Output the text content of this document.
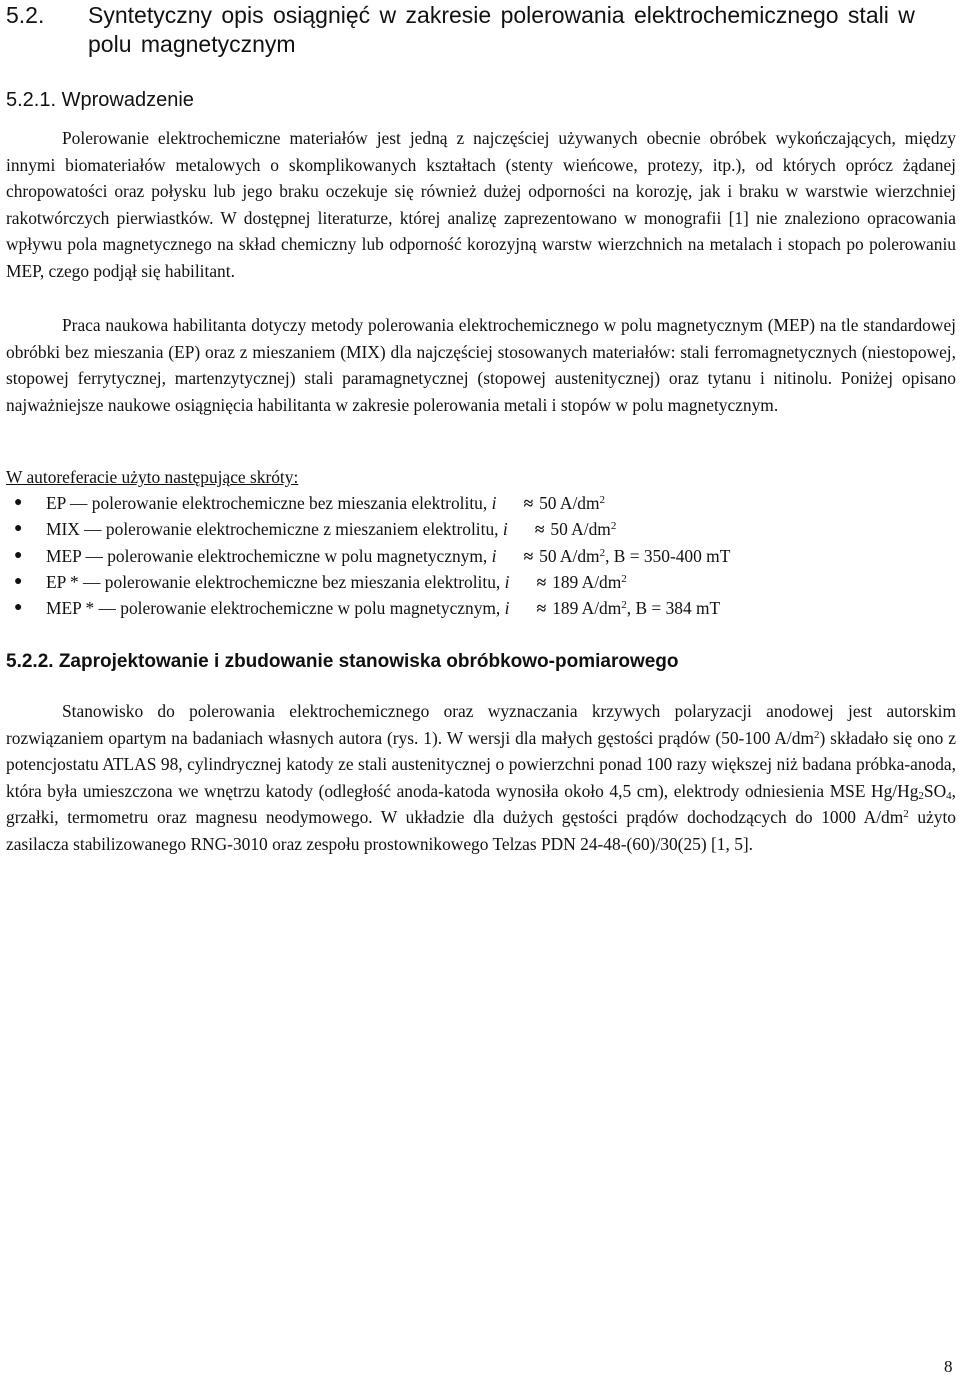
5.2. Syntetyczny opis osiągnięć w zakresie polerowania elektrochemicznego stali w polu magnetycznym
5.2.1. Wprowadzenie

Polerowanie elektrochemiczne materiałów jest jedną z najczęściej używanych obecnie obróbek wykończających, między innymi biomateriałów metalowych o skomplikowanych kształtach (stenty wieńcowe, protezy, itp.), od których oprócz żądanej chropowatości oraz połysku lub jego braku oczekuje się również dużej odporności na korozję, jak i braku w warstwie wierzchniej rakotwórczych pierwiastków. W dostępnej literaturze, której analizę zaprezentowano w monografii [1] nie znaleziono opracowania wpływu pola magnetycznego na skład chemiczny lub odporność korozyjną warstw wierzchnich na metalach i stopach po polerowaniu MEP, czego podjął się habilitant.

Praca naukowa habilitanta dotyczy metody polerowania elektrochemicznego w polu magnetycznym (MEP) na tle standardowej obróbki bez mieszania (EP) oraz z mieszaniem (MIX) dla najczęściej stosowanych materiałów: stali ferromagnetycznych (niestopowej, stopowej ferrytycznej, martenzytycznej) stali paramagnetycznej (stopowej austenitycznej) oraz tytanu i nitinolu. Poniżej opisano najważniejsze naukowe osiągnięcia habilitanta w zakresie polerowania metali i stopów w polu magnetycznym.

W autoreferacie użyto następujące skróty:
● EP — polerowanie elektrochemiczne bez mieszania elektrolitu, i ≈ 50 $A/dm^2$
● MIX — polerowanie elektrochemiczne z mieszaniem elektrolitu, i ≈ 50 $A/dm^2$
● MEP — polerowanie elektrochemiczne w polu magnetycznym, i ≈ 50 $A/dm^2$, B = 350-400 mT
● EP * — polerowanie elektrochemiczne bez mieszania elektrolitu, i ≈ 189 $A/dm^2$
● MEP * — polerowanie elektrochemiczne w polu magnetycznym, i ≈ 189 $A/dm^2$, B = 384 mT
5.2.2. Zaprojektowanie i zbudowanie stanowiska obróbkowo-pomiarowego

Stanowisko do polerowania elektrochemicznego oraz wyznaczania krzywych polaryzacji anodowej jest autorskim rozwiązaniem opartym na badaniach własnych autora (rys. 1). W wersji dla małych gęstości prądów (50-100 $A/dm^2$) składało się ono z potencjostatu ATLAS 98, cylindrycznej katody ze stali austenitycznej o powierzchni ponad 100 razy większej niż badana próbka-anoda, która była umieszczona we wnętrzu katody (odległość anoda-katoda wynosiła około 4,5 cm), elektrody odniesienia MSE $Hg/Hg_2SO_4$, grzałki, termometru oraz magnesu neodymowego. W układzie dla dużych gęstości prądów dochodzących do 1000 $A/dm^2$ użyto zasilacza stabilizowanego RNG-3010 oraz zespołu prostownikowego Telzas PDN 24-48-(60)/30(25) [1, 5].

8
